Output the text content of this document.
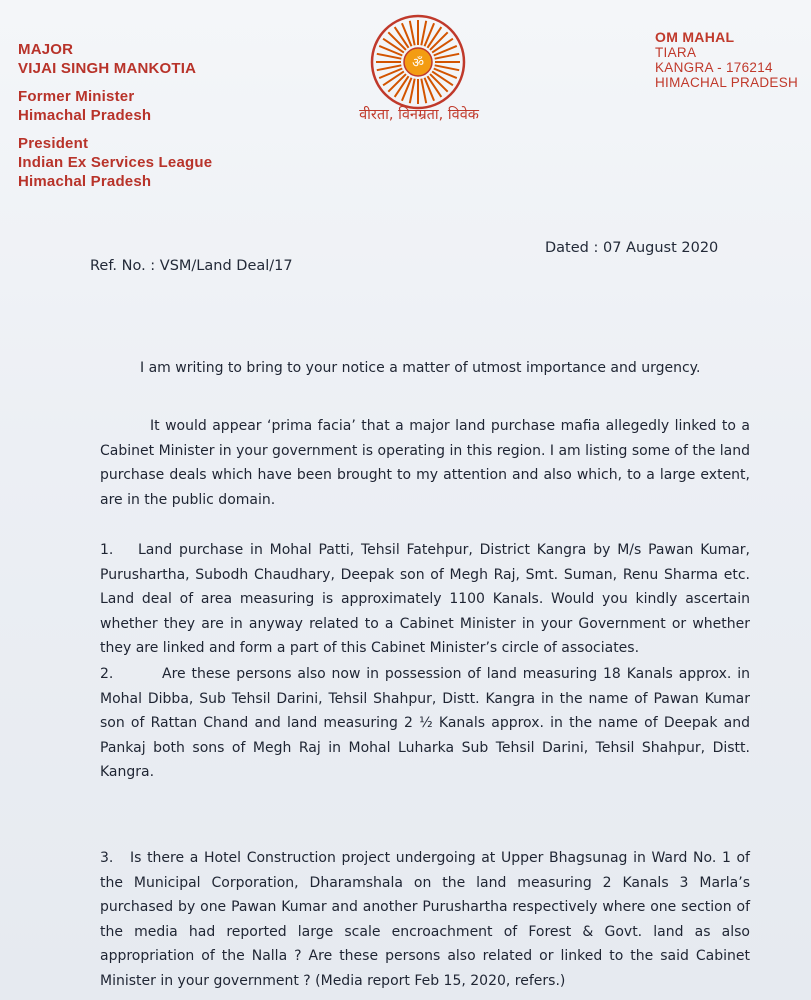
MAJOR
VIJAI SINGH MANKOTIA
Former Minister
Himachal Pradesh
President
Indian Ex Services League
Himachal Pradesh
ॐ
वीरता, विनम्रता, विवेक
OM MAHAL
TIARA
KANGRA - 176214
HIMACHAL PRADESH
Ref. No. : VSM/Land Deal/17
Dated : 07 August 2020
I am writing to bring to your notice a matter of utmost importance and urgency.
It would appear ‘prima facia’ that a major land purchase mafia allegedly linked to a Cabinet Minister in your government is operating in this region. I am listing some of the land purchase deals which have been brought to my attention and also which, to a large extent, are in the public domain.
1. Land purchase in Mohal Patti, Tehsil Fatehpur, District Kangra by M/s Pawan Kumar, Purushartha, Subodh Chaudhary, Deepak son of Megh Raj, Smt. Suman, Renu Sharma etc. Land deal of area measuring is approximately 1100 Kanals. Would you kindly ascertain whether they are in anyway related to a Cabinet Minister in your Government or whether they are linked and form a part of this Cabinet Minister’s circle of associates.
2.	Are these persons also now in possession of land measuring 18 Kanals approx. in Mohal Dibba, Sub Tehsil Darini, Tehsil Shahpur, Distt. Kangra in the name of Pawan Kumar son of Rattan Chand and land measuring 2 ½ Kanals approx. in the name of Deepak and Pankaj both sons of Megh Raj in Mohal Luharka Sub Tehsil Darini, Tehsil Shahpur, Distt. Kangra.
3. Is there a Hotel Construction project undergoing at Upper Bhagsunag in Ward No. 1 of the Municipal Corporation, Dharamshala on the land measuring 2 Kanals 3 Marla’s purchased by one Pawan Kumar and another Purushartha respectively where one section of the media had reported large scale encroachment of Forest & Govt. land as also appropriation of the Nalla ? Are these persons also related or linked to the said Cabinet Minister in your government ? (Media report Feb 15, 2020, refers.)
